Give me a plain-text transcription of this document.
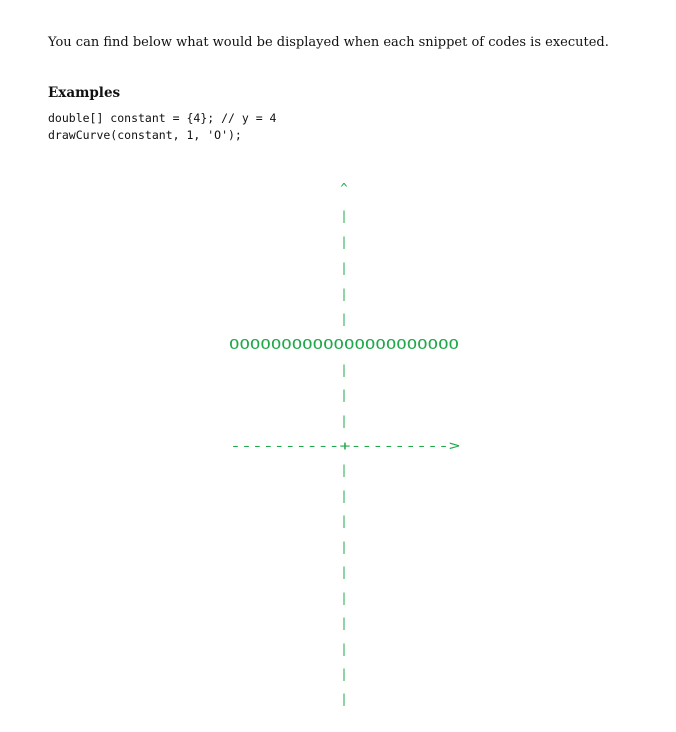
You can find below what would be displayed when each snippet of codes is executed.
Examples
double[] constant = {4}; // y = 4
drawCurve(constant, 1, 'O');
^
|
|
|
|
|
OOOOOOOOOOOOOOOOOOOOOO
|
|
|
----------+--------->
|
|
|
|
|
|
|
|
|
|
